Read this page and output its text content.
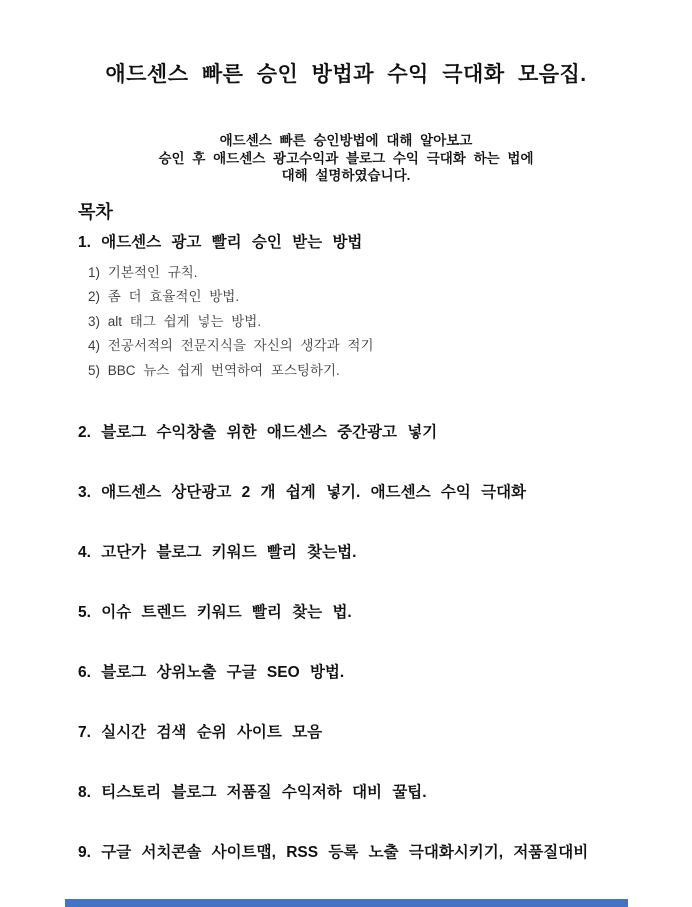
애드센스 빠른 승인 방법과 수익 극대화 모음집.
애드센스 빠른 승인방법에 대해 알아보고
승인 후 애드센스 광고수익과 블로그 수익 극대화 하는 법에
대해 설명하였습니다.
목차
1. 애드센스 광고 빨리 승인 받는 방법
1) 기본적인 규칙.
2) 좀 더 효율적인 방법.
3) alt 태그 쉽게 넣는 방법.
4) 전공서적의 전문지식을 자신의 생각과 적기
5) BBC 뉴스 쉽게 번역하여 포스팅하기.
2. 블로그 수익창출 위한 애드센스 중간광고 넣기
3. 애드센스 상단광고 2 개 쉽게 넣기. 애드센스 수익 극대화
4. 고단가 블로그 키워드 빨리 찾는법.
5. 이슈 트렌드 키워드 빨리 찾는 법.
6. 블로그 상위노출 구글 SEO 방법.
7. 실시간 검색 순위 사이트 모음
8. 티스토리 블로그 저품질 수익저하 대비 꿀팁.
9. 구글 서치콘솔 사이트맵, RSS 등록 노출 극대화시키기, 저품질대비
